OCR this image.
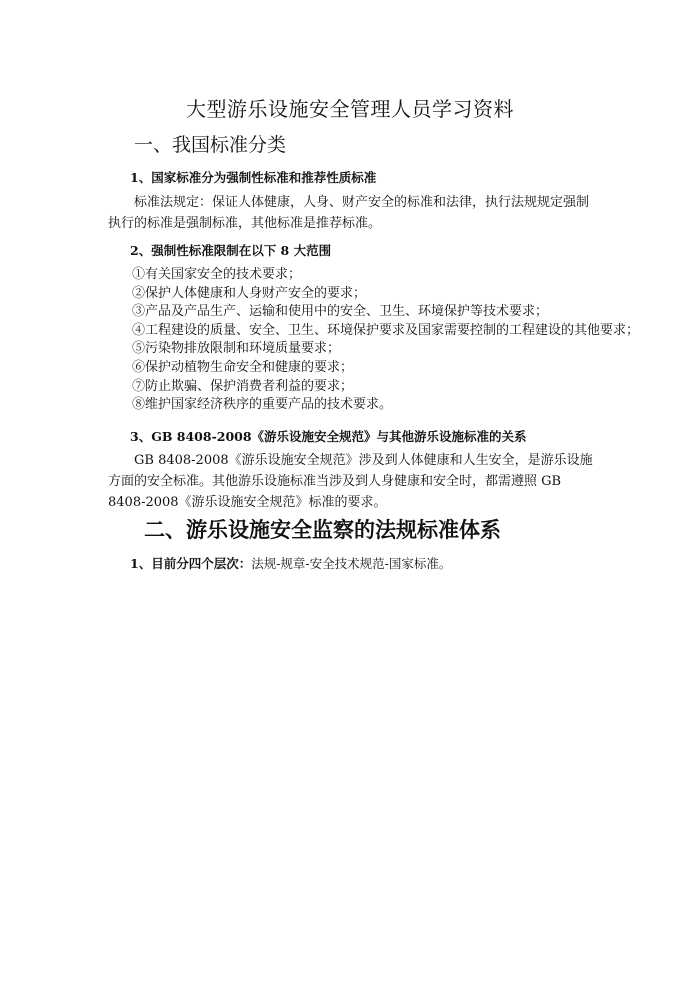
大型游乐设施安全管理人员学习资料
一、我国标准分类
1、国家标准分为强制性标准和推荐性质标准
标准法规定：保证人体健康，人身、财产安全的标准和法律，执行法规规定强制执行的标准是强制标准，其他标准是推荐标准。
2、强制性标准限制在以下 8 大范围
①有关国家安全的技术要求；
②保护人体健康和人身财产安全的要求；
③产品及产品生产、运输和使用中的安全、卫生、环境保护等技术要求；
④工程建设的质量、安全、卫生、环境保护要求及国家需要控制的工程建设的其他要求；
⑤污染物排放限制和环境质量要求；
⑥保护动植物生命安全和健康的要求；
⑦防止欺骗、保护消费者利益的要求；
⑧维护国家经济秩序的重要产品的技术要求。
3、GB 8408-2008《游乐设施安全规范》与其他游乐设施标准的关系
GB 8408-2008《游乐设施安全规范》涉及到人体健康和人生安全，是游乐设施方面的安全标准。其他游乐设施标准当涉及到人身健康和安全时，都需遵照 GB 8408-2008《游乐设施安全规范》标准的要求。
二、游乐设施安全监察的法规标准体系
1、目前分四个层次：法规-规章-安全技术规范-国家标准。
